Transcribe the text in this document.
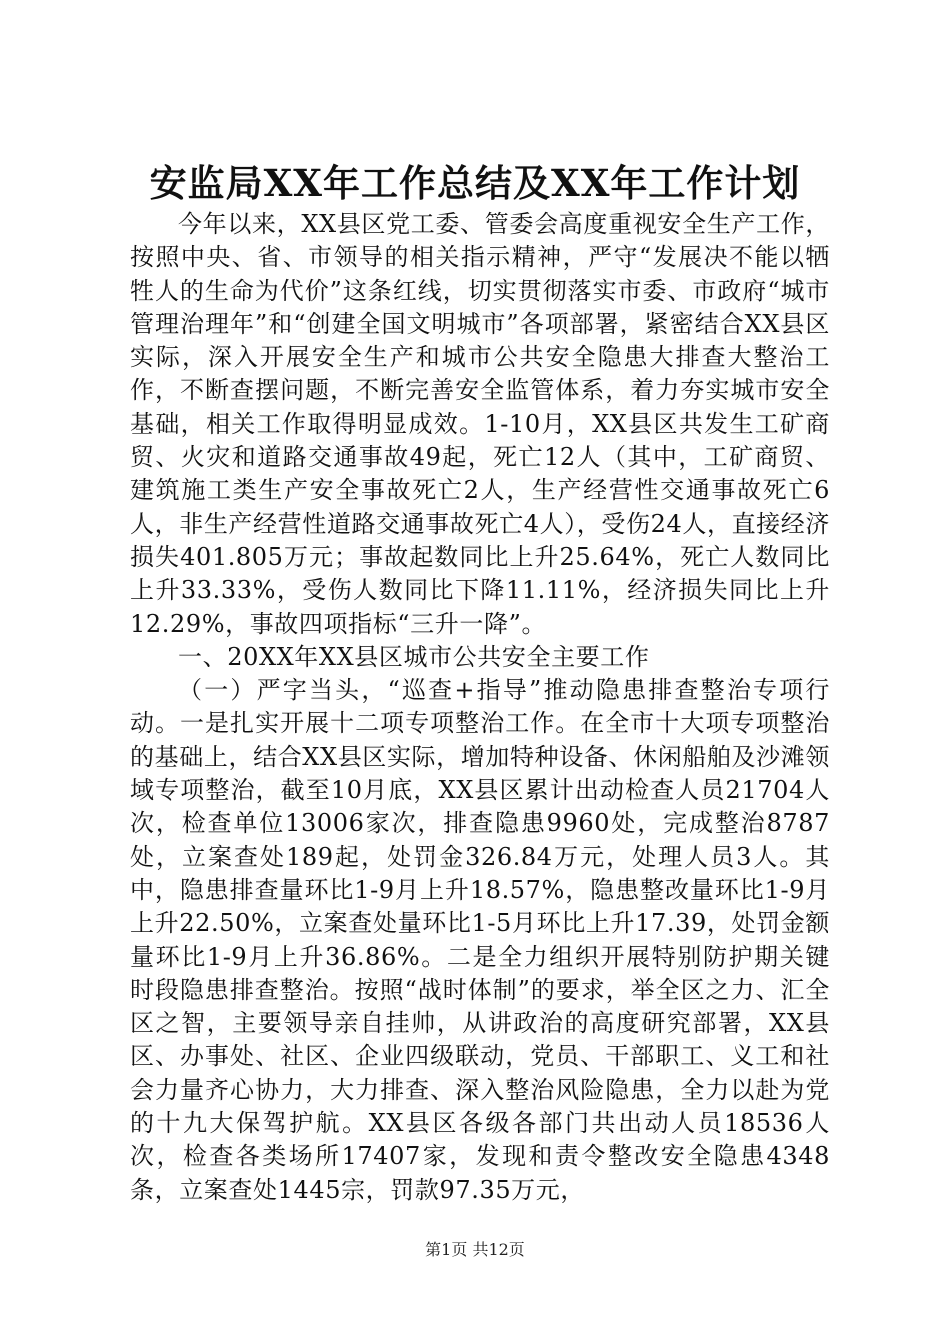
安监局XX年工作总结及XX年工作计划

今年以来，XX县区党工委、管委会高度重视安全生产工作，按照中央、省、市领导的相关指示精神，严守“发展决不能以牺牲人的生命为代价”这条红线，切实贯彻落实市委、市政府“城市管理治理年”和“创建全国文明城市”各项部署，紧密结合XX县区实际，深入开展安全生产和城市公共安全隐患大排查大整治工作，不断查摆问题，不断完善安全监管体系，着力夯实城市安全基础，相关工作取得明显成效。1-10月，XX县区共发生工矿商贸、火灾和道路交通事故49起，死亡12人（其中，工矿商贸、建筑施工类生产安全事故死亡2人，生产经营性交通事故死亡6人，非生产经营性道路交通事故死亡4人），受伤24人，直接经济损失401.805万元；事故起数同比上升25.64%，死亡人数同比上升33.33%，受伤人数同比下降11.11%，经济损失同比上升12.29%，事故四项指标“三升一降”。

一、20XX年XX县区城市公共安全主要工作

（一）严字当头，“巡查+指导”推动隐患排查整治专项行动。一是扎实开展十二项专项整治工作。在全市十大项专项整治的基础上，结合XX县区实际，增加特种设备、休闲船舶及沙滩领域专项整治，截至10月底，XX县区累计出动检查人员21704人次，检查单位13006家次，排查隐患9960处，完成整治8787处，立案查处189起，处罚金326.84万元，处理人员3人。其中，隐患排查量环比1-9月上升18.57%，隐患整改量环比1-9月上升22.50%，立案查处量环比1-5月环比上升17.39，处罚金额量环比1-9月上升36.86%。二是全力组织开展特别防护期关键时段隐患排查整治。按照“战时体制”的要求，举全区之力、汇全区之智，主要领导亲自挂帅，从讲政治的高度研究部署，XX县区、办事处、社区、企业四级联动，党员、干部职工、义工和社会力量齐心协力，大力排查、深入整治风险隐患，全力以赴为党的十九大保驾护航。XX县区各级各部门共出动人员18536人次，检查各类场所17407家，发现和责令整改安全隐患4348条，立案查处1445宗，罚款97.35万元，

第1页 共12页
